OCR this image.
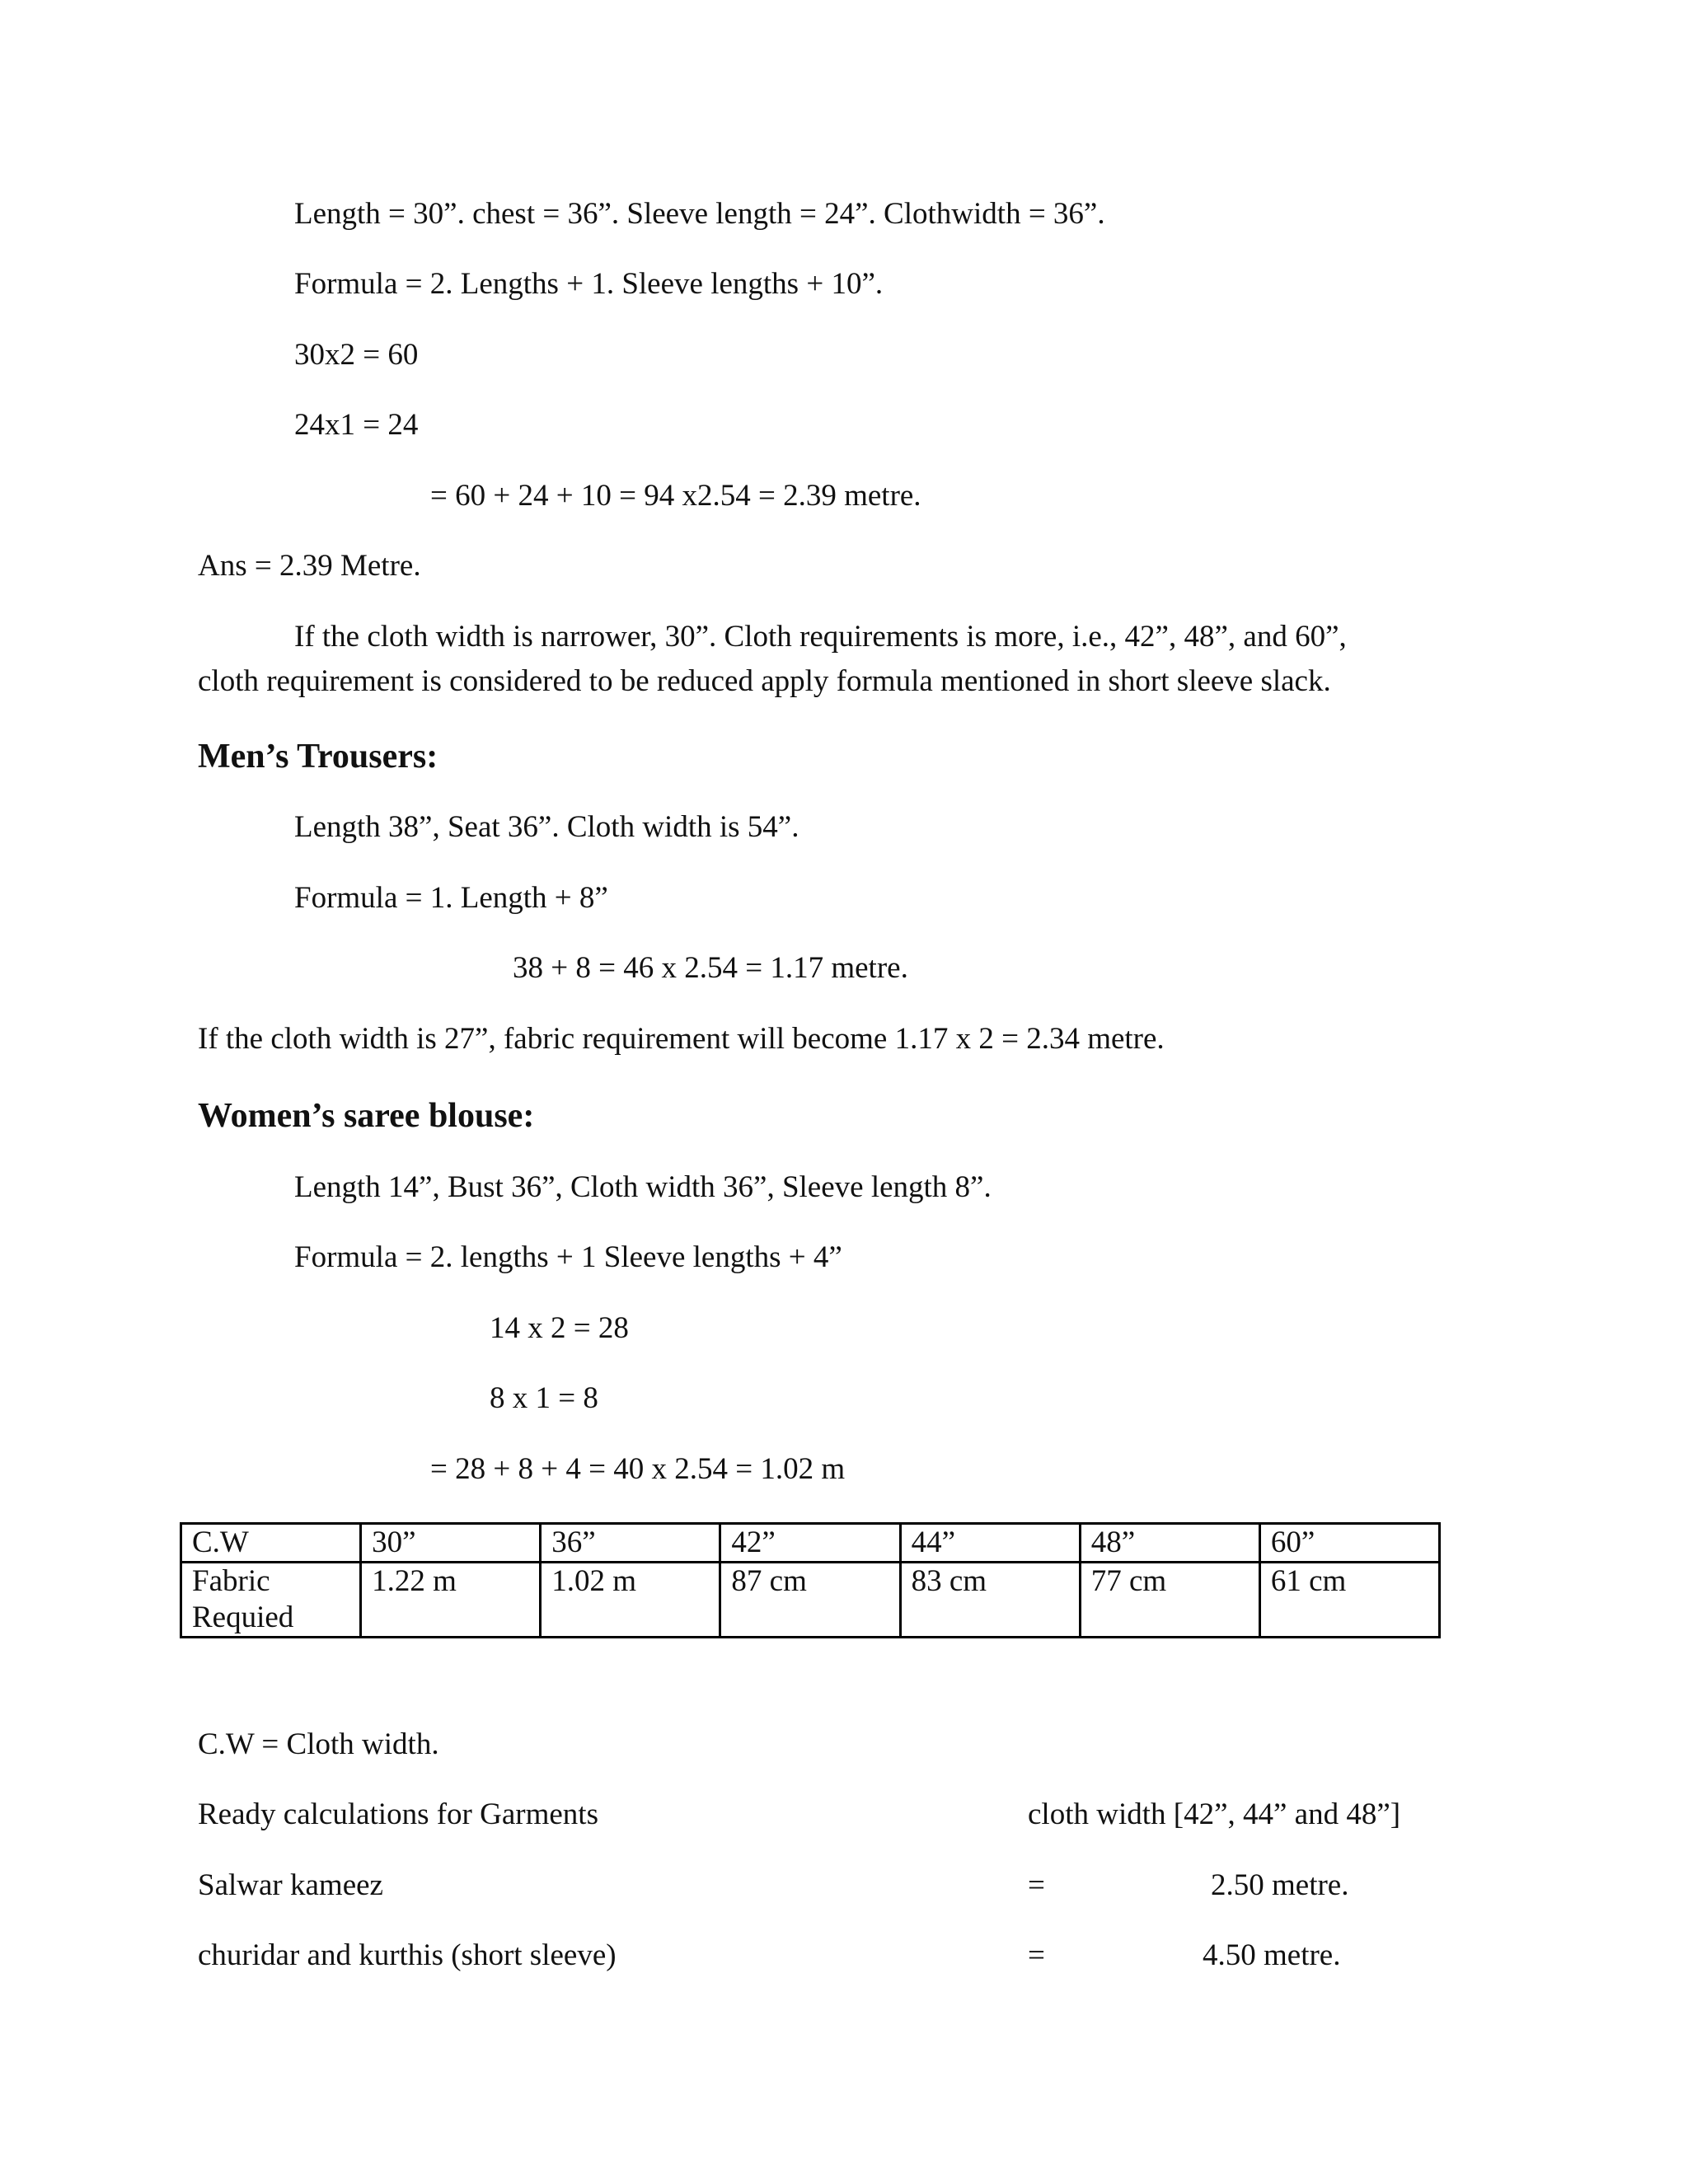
Length = 30”. chest = 36”. Sleeve length = 24”. Clothwidth = 36”.
Formula = 2. Lengths + 1. Sleeve lengths + 10”.
30x2 = 60
24x1 = 24
= 60 + 24 + 10 = 94 x2.54 = 2.39 metre.
Ans = 2.39 Metre.
If the cloth width is narrower, 30”. Cloth requirements is more, i.e., 42”, 48”, and 60”,
cloth requirement is considered to be reduced apply formula mentioned in short sleeve slack.
Men’s Trousers:
Length 38”, Seat 36”. Cloth width is 54”.
Formula = 1. Length + 8”
38 + 8 = 46 x 2.54 = 1.17 metre.
If the cloth width is 27”, fabric requirement will become 1.17 x 2 = 2.34 metre.
Women’s saree blouse:
Length 14”, Bust 36”, Cloth width 36”, Sleeve length 8”.
Formula = 2. lengths + 1 Sleeve lengths + 4”
14 x 2 = 28
8 x 1 = 8
= 28 + 8 + 4 = 40 x 2.54 = 1.02 m
C.W	30”	36”	42”	44”	48”	60”

Fabric
Requied	1.22 m	1.02 m	87 cm	83 cm	77 cm	61 cm
C.W = Cloth width.
Ready calculations for Garments	cloth width [42”, 44” and 48”]
Salwar kameez	=	2.50 metre.
churidar and kurthis (short sleeve)	=	4.50 metre.
